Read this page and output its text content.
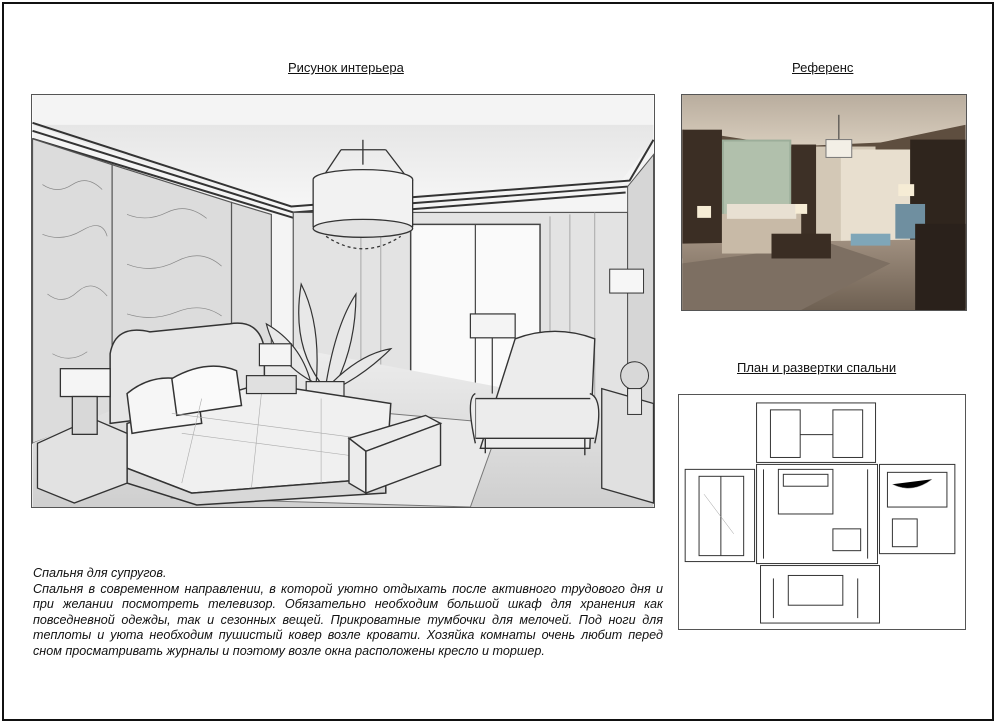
Рисунок интерьера	Референс
План и развертки спальни

Спальня для супругов.

Спальня в современном направлении, в которой уютно отдыхать после активного трудового дня и при желании посмотреть телевизор. Обязательно необходим большой шкаф для хранения как повседневной одежды, так и сезонных вещей. Прикроватные тумбочки для мелочей. Под ноги для теплоты и уюта необходим пушистый ковер возле кровати. Хозяйка комнаты очень любит перед сном просматривать журналы и поэтому возле окна расположены кресло и торшер.
